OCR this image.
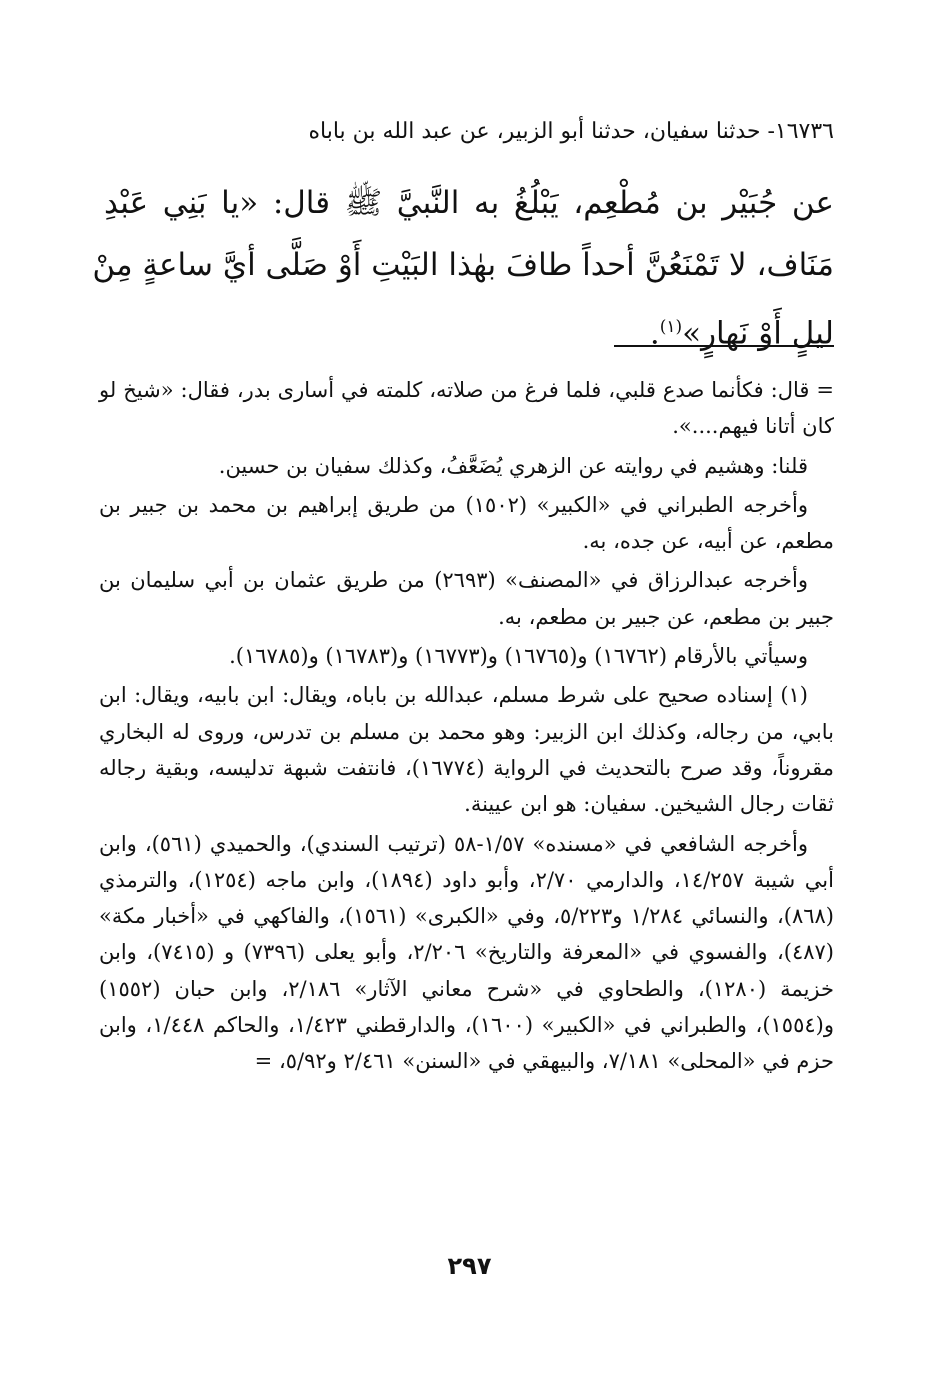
١٦٧٣٦- حدثنا سفيان، حدثنا أبو الزبير، عن عبد الله بن باباه
عن جُبَيْر بن مُطْعِم، يَبْلُغُ به النَّبيَّ ﷺ قال: «يا بَنِي عَبْدِ
مَنَاف، لا تَمْنَعُنَّ أحداً طافَ بهٰذا البَيْتِ أَوْ صَلَّى أيَّ ساعةٍ مِنْ
ليلٍ أَوْ نَهارٍ»$^{(١)}$.

= قال: فكأنما صدع قلبي، فلما فرغ من صلاته، كلمته في أسارى بدر، فقال: «شيخ لو كان أتانا فيهم....».

قلنا: وهشيم في روايته عن الزهري يُضَعَّفُ، وكذلك سفيان بن حسين.

وأخرجه الطبراني في «الكبير» (١٥٠٢) من طريق إبراهيم بن محمد بن جبير بن مطعم، عن أبيه، عن جده، به.

وأخرجه عبدالرزاق في «المصنف» (٢٦٩٣) من طريق عثمان بن أبي سليمان بن جبير بن مطعم، عن جبير بن مطعم، به.

وسيأتي بالأرقام (١٦٧٦٢) و(١٦٧٦٥) و(١٦٧٧٣) و(١٦٧٨٣) و(١٦٧٨٥).

(١) إسناده صحيح على شرط مسلم، عبدالله بن باباه، ويقال: ابن بابيه، ويقال: ابن بابي، من رجاله، وكذلك ابن الزبير: وهو محمد بن مسلم بن تدرس، وروى له البخاري مقروناً، وقد صرح بالتحديث في الرواية (١٦٧٧٤)، فانتفت شبهة تدليسه، وبقية رجاله ثقات رجال الشيخين. سفيان: هو ابن عيينة.

وأخرجه الشافعي في «مسنده» ١/٥٧-٥٨ (ترتيب السندي)، والحميدي (٥٦١)، وابن أبي شيبة ١٤/٢٥٧، والدارمي ٢/٧٠، وأبو داود (١٨٩٤)، وابن ماجه (١٢٥٤)، والترمذي (٨٦٨)، والنسائي ١/٢٨٤ و٥/٢٢٣، وفي «الكبرى» (١٥٦١)، والفاكهي في «أخبار مكة» (٤٨٧)، والفسوي في «المعرفة والتاريخ» ٢/٢٠٦، وأبو يعلى (٧٣٩٦) و (٧٤١٥)، وابن خزيمة (١٢٨٠)، والطحاوي في «شرح معاني الآثار» ٢/١٨٦، وابن حبان (١٥٥٢) و(١٥٥٤)، والطبراني في «الكبير» (١٦٠٠)، والدارقطني ١/٤٢٣، والحاكم ١/٤٤٨، وابن حزم في «المحلى» ٧/١٨١، والبيهقي في «السنن» ٢/٤٦١ و٥/٩٢، =

٢٩٧
